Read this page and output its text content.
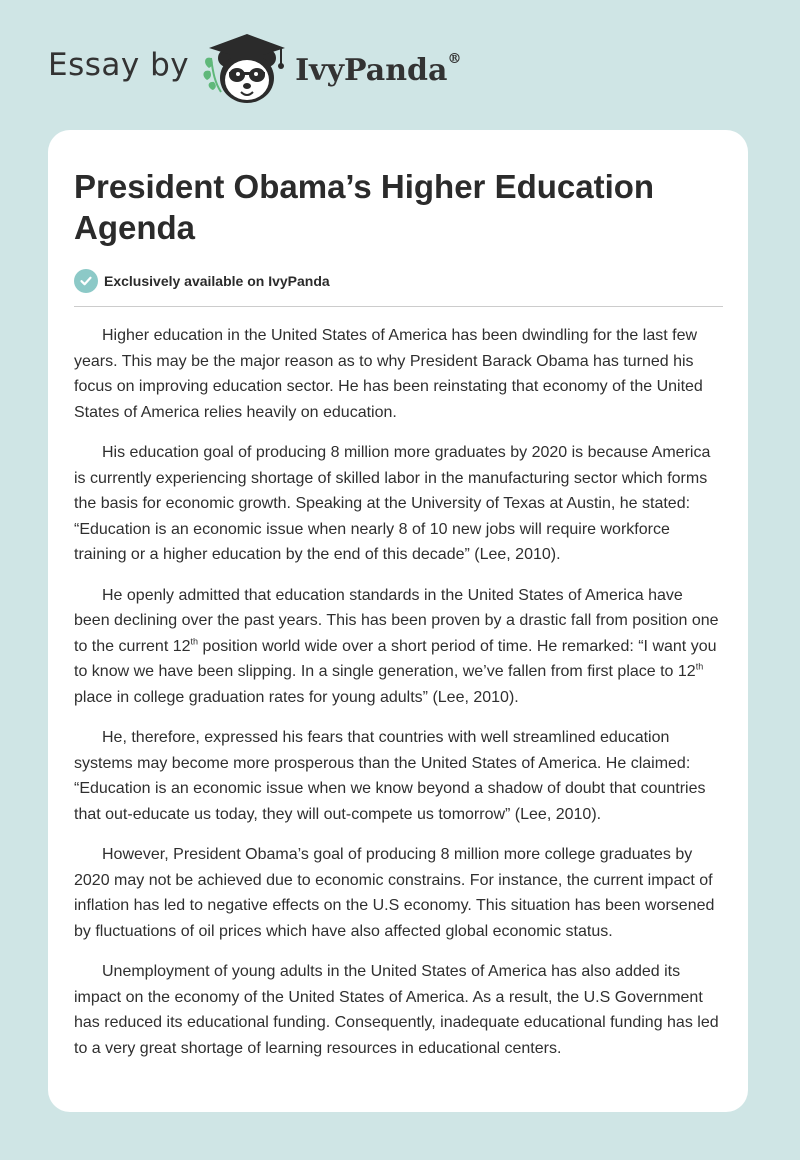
Essay by	IvyPanda®
President Obama’s Higher Education Agenda
Exclusively available on IvyPanda

Higher education in the United States of America has been dwindling for the last few years. This may be the major reason as to why President Barack Obama has turned his focus on improving education sector. He has been reinstating that economy of the United States of America relies heavily on education.

His education goal of producing 8 million more graduates by 2020 is because America is currently experiencing shortage of skilled labor in the manufacturing sector which forms the basis for economic growth. Speaking at the University of Texas at Austin, he stated: “Education is an economic issue when nearly 8 of 10 new jobs will require workforce training or a higher education by the end of this decade” (Lee, 2010).

He openly admitted that education standards in the United States of America have been declining over the past years. This has been proven by a drastic fall from position one to the current 12th position world wide over a short period of time. He remarked: “I want you to know we have been slipping. In a single generation, we’ve fallen from first place to 12th place in college graduation rates for young adults” (Lee, 2010).

He, therefore, expressed his fears that countries with well streamlined education systems may become more prosperous than the United States of America. He claimed: “Education is an economic issue when we know beyond a shadow of doubt that countries that out-educate us today, they will out-compete us tomorrow” (Lee, 2010).

However, President Obama’s goal of producing 8 million more college graduates by 2020 may not be achieved due to economic constrains. For instance, the current impact of inflation has led to negative effects on the U.S economy. This situation has been worsened by fluctuations of oil prices which have also affected global economic status.

Unemployment of young adults in the United States of America has also added its impact on the economy of the United States of America. As a result, the U.S Government has reduced its educational funding. Consequently, inadequate educational funding has led to a very great shortage of learning resources in educational centers.
